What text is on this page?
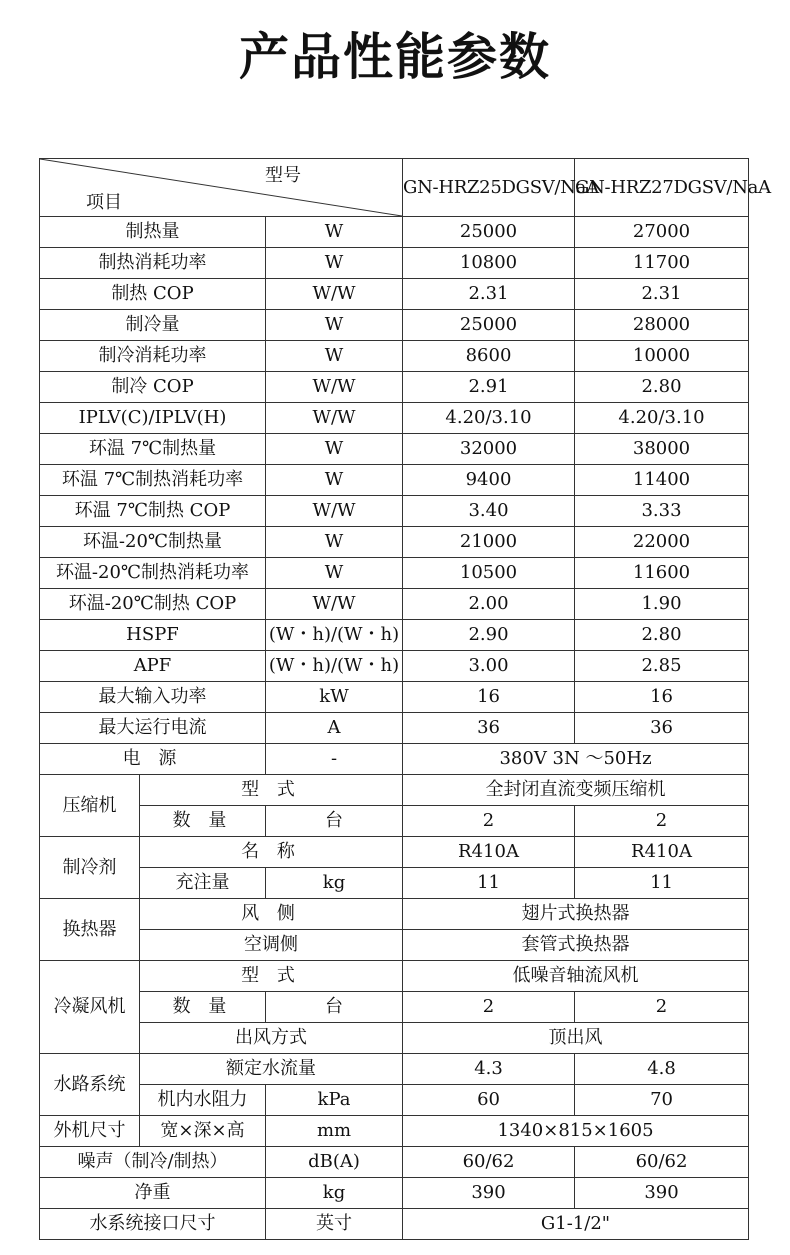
产品性能参数
型号
项目			GN-HRZ25DGSV/NaA	GN-HRZ27DGSV/NaA
制热量		W	25000	27000
制热消耗功率		W	10800	11700
制热 COP		W/W	2.31	2.31
制冷量		W	25000	28000
制冷消耗功率		W	8600	10000
制冷 COP		W/W	2.91	2.80
IPLV(C)/IPLV(H)		W/W	4.20/3.10	4.20/3.10
环温 7℃制热量		W	32000	38000
环温 7℃制热消耗功率		W	9400	11400
环温 7℃制热 COP		W/W	3.40	3.33
环温-20℃制热量		W	21000	22000
环温-20℃制热消耗功率		W	10500	11600
环温-20℃制热 COP		W/W	2.00	1.90
HSPF		(W・h)/(W・h)	2.90	2.80
APF		(W・h)/(W・h)	3.00	2.85
最大输入功率		kW	16	16
最大运行电流		A	36	36
电 源		-	380V 3N ～50Hz	
压缩机	型 式		全封闭直流变频压缩机	
	数 量	台	2	2
制冷剂	名 称		R410A	R410A
	充注量	kg	11	11
换热器	风 侧		翅片式换热器	
	空调侧		套管式换热器	
冷凝风机	型 式		低噪音轴流风机	
	数 量	台	2	2
	出风方式		顶出风	
水路系统	额定水流量		4.3	4.8
	机内水阻力	kPa	60	70
外机尺寸	宽×深×高	mm	1340×815×1605	
噪声（制冷/制热）		dB(A)	60/62	60/62
净重		kg	390	390
水系统接口尺寸		英寸	G1-1/2"	
